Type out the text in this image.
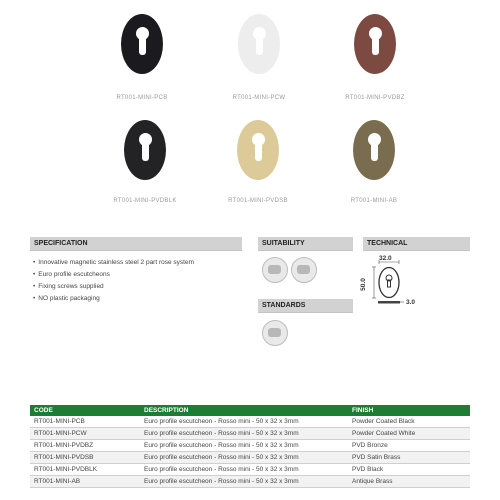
RT001-MINI-PCB	RT001-MINI-PCW	RT001-MINI-PVDBZ
RT001-MINI-PVDBLK	RT001-MINI-PVDSB	RT001-MINI-AB
SPECIFICATION
• Innovative magnetic stainless steel 2 part rose system
• Euro profile escutcheons
• Fixing screws supplied
• NO plastic packaging
SUITABILITY
STANDARDS
TECHNICAL
32.0
50.0
3.0
CODE	DESCRIPTION	FINISH
RT001-MINI-PCB	Euro profile escutcheon - Rosso mini - 50 x 32 x 3mm	Powder Coated Black
RT001-MINI-PCW	Euro profile escutcheon - Rosso mini - 50 x 32 x 3mm	Powder Coated White
RT001-MINI-PVDBZ	Euro profile escutcheon - Rosso mini - 50 x 32 x 3mm	PVD Bronze
RT001-MINI-PVDSB	Euro profile escutcheon - Rosso mini - 50 x 32 x 3mm	PVD Satin Brass
RT001-MINI-PVDBLK	Euro profile escutcheon - Rosso mini - 50 x 32 x 3mm	PVD Black
RT001-MINI-AB	Euro profile escutcheon - Rosso mini - 50 x 32 x 3mm	Antique Brass
